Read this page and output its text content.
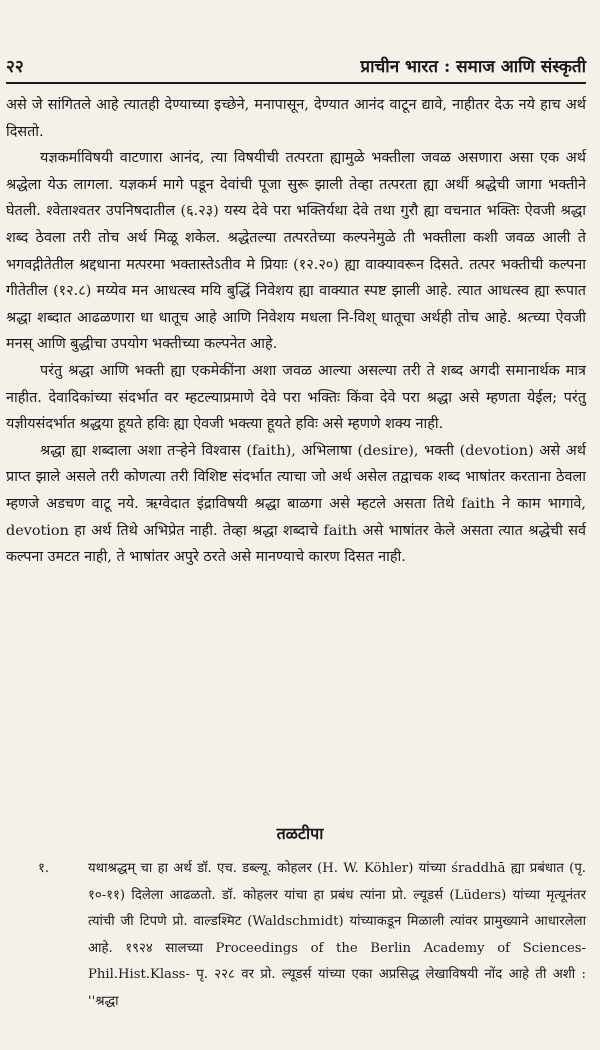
२२	प्राचीन भारत : समाज आणि संस्कृती

असे जे सांगितले आहे त्यातही देण्याच्या इच्छेने, मनापासून, देण्यात आनंद वाटून द्यावे, नाहीतर देऊ नये हाच अर्थ दिसतो.

यज्ञकर्माविषयी वाटणारा आनंद, त्या विषयीची तत्परता ह्यामुळे भक्तीला जवळ असणारा असा एक अर्थ श्रद्धेला येऊ लागला. यज्ञकर्म मागे पडून देवांची पूजा सुरू झाली तेव्हा तत्परता ह्या अर्थी श्रद्धेची जागा भक्तीने घेतली. श्वेताश्वतर उपनिषदातील (६.२३) यस्य देवे परा भक्तिर्यथा देवे तथा गुरौ ह्या वचनात भक्तिः ऐवजी श्रद्धा शब्द ठेवला तरी तोच अर्थ मिळू शकेल. श्रद्धेतल्या तत्परतेच्या कल्पनेमुळे ती भक्तीला कशी जवळ आली ते भगवद्गीतेतील श्रद्दधाना मत्परमा भक्तास्तेऽतीव मे प्रियाः (१२.२०) ह्या वाक्यावरून दिसते. तत्पर भक्तीची कल्पना गीतेतील (१२.८) मय्येव मन आधत्स्व मयि बुद्धिं निवेशय ह्या वाक्यात स्पष्ट झाली आहे. त्यात आधत्स्व ह्या रूपात श्रद्धा शब्दात आढळणारा धा धातूच आहे आणि निवेशय मधला नि-विश् धातूचा अर्थही तोच आहे. श्रत्च्या ऐवजी मनस् आणि बुद्धीचा उपयोग भक्तीच्या कल्पनेत आहे.

परंतु श्रद्धा आणि भक्ती ह्या एकमेकींना अशा जवळ आल्या असल्या तरी ते शब्द अगदी समानार्थक मात्र नाहीत. देवादिकांच्या संदर्भात वर म्हटल्याप्रमाणे देवे परा भक्तिः किंवा देवे परा श्रद्धा असे म्हणता येईल; परंतु यज्ञीयसंदर्भात श्रद्धया हूयते हविः ह्या ऐवजी भक्त्या हूयते हविः असे म्हणणे शक्य नाही.

श्रद्धा ह्या शब्दाला अशा तऱ्हेने विश्वास (faith), अभिलाषा (desire), भक्ती (devotion) असे अर्थ प्राप्त झाले असले तरी कोणत्या तरी विशिष्ट संदर्भात त्याचा जो अर्थ असेल तद्वाचक शब्द भाषांतर करताना ठेवला म्हणजे अडचण वाटू नये. ऋग्वेदात इंद्राविषयी श्रद्धा बाळगा असे म्हटले असता तिथे faith ने काम भागावे, devotion हा अर्थ तिथे अभिप्रेत नाही. तेव्हा श्रद्धा शब्दाचे faith असे भाषांतर केले असता त्यात श्रद्धेची सर्व कल्पना उमटत नाही, ते भाषांतर अपुरे ठरते असे मानण्याचे कारण दिसत नाही.

तळटीपा
१.	यथाश्रद्धम् चा हा अर्थ डॉ. एच. डब्ल्यू. कोहलर (H. W. Köhler) यांच्या śraddhā ह्या प्रबंधात (पृ. १०-११) दिलेला आढळतो. डॉ. कोहलर यांचा हा प्रबंध त्यांना प्रो. ल्यूडर्स (Lüders) यांच्या मृत्यूनंतर त्यांची जी टिपणे प्रो. वाल्डश्मिट (Waldschmidt) यांच्याकडून मिळाली त्यांवर प्रामुख्याने आधारलेला आहे. १९२४ सालच्या Proceedings of the Berlin Academy of Sciences-Phil.Hist.Klass- पृ. २२८ वर प्रो. ल्यूडर्स यांच्या एका अप्रसिद्ध लेखाविषयी नोंद आहे ती अशी : ''श्रद्धा
